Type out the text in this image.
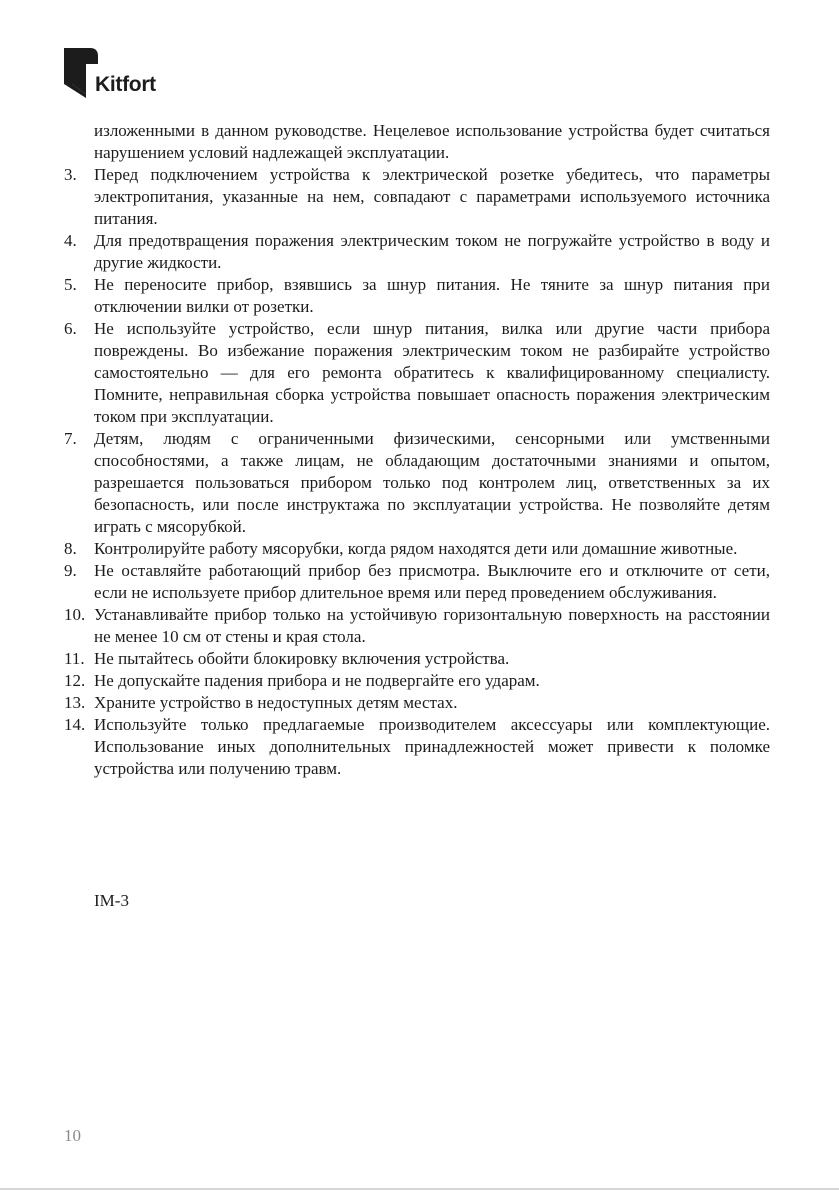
Kitfort

изложенными в данном руководстве. Нецелевое использование устройства будет считаться нарушением условий надлежащей эксплуатации.

3.	Перед подключением устройства к электрической розетке убедитесь, что параметры электропитания, указанные на нем, совпадают с параметрами используемого источника питания.
4.	Для предотвращения поражения электрическим током не погружайте устройство в воду и другие жидкости.
5.	Не переносите прибор, взявшись за шнур питания. Не тяните за шнур питания при отключении вилки от розетки.
6.	Не используйте устройство, если шнур питания, вилка или другие части прибора повреждены. Во избежание поражения электрическим током не разбирайте устройство самостоятельно — для его ремонта обратитесь к квалифицированному специалисту. Помните, неправильная сборка устройства повышает опасность поражения электрическим током при эксплуатации.
7.	Детям, людям с ограниченными физическими, сенсорными или умственными способностями, а также лицам, не обладающим достаточными знаниями и опытом, разрешается пользоваться прибором только под контролем лиц, ответственных за их безопасность, или после инструктажа по эксплуатации устройства. Не позволяйте детям играть с мясорубкой.
8.	Контролируйте работу мясорубки, когда рядом находятся дети или домашние животные.
9.	Не оставляйте работающий прибор без присмотра. Выключите его и отключите от сети, если не используете прибор длительное время или перед проведением обслуживания.
10. Устанавливайте прибор только на устойчивую горизонтальную поверхность на расстоянии не менее 10 см от стены и края стола.
11. Не пытайтесь обойти блокировку включения устройства.
12. Не допускайте падения прибора и не подвергайте его ударам.
13. Храните устройство в недоступных детям местах.
14. Используйте только предлагаемые производителем аксессуары или комплектующие. Использование иных дополнительных принадлежностей может привести к поломке устройства или получению травм.
IM-3
10
